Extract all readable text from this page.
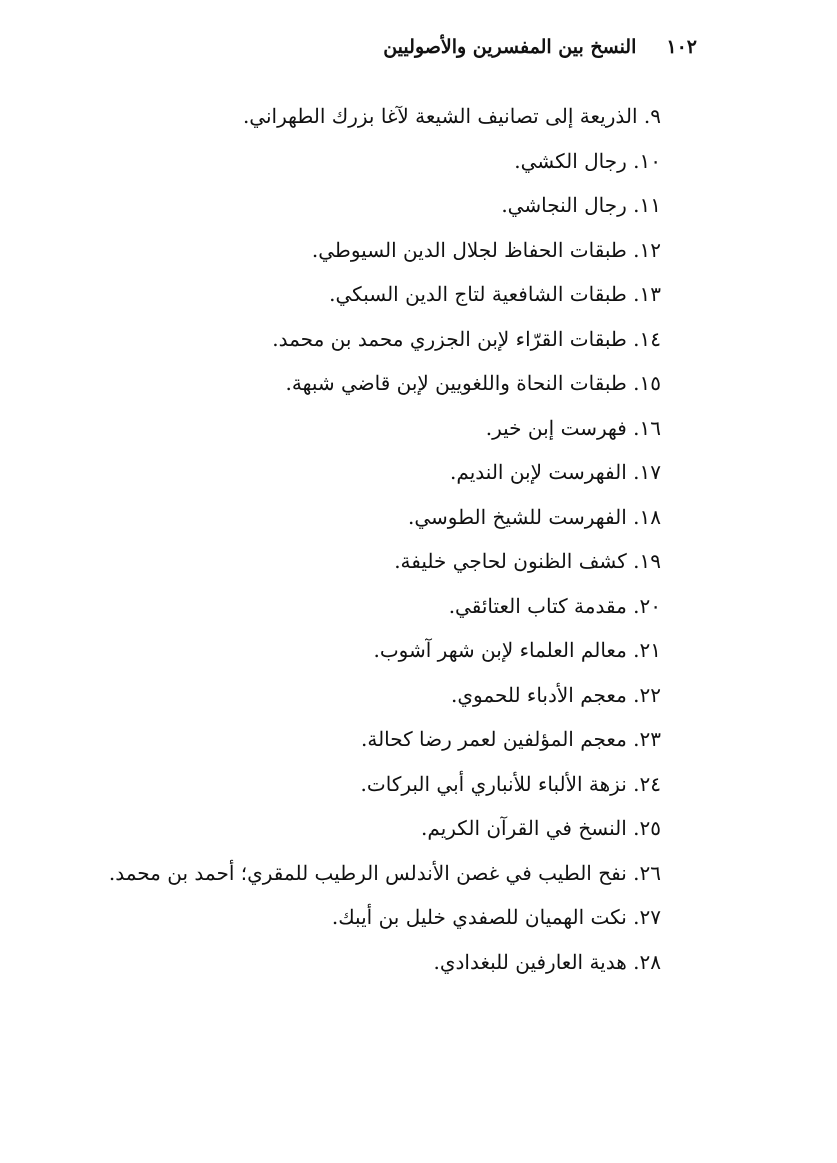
١٠٢
النسخ بين المفسرين والأصوليين
٩. الذريعة إلى تصانيف الشيعة لآغا بزرك الطهراني.
١٠. رجال الكشي.
١١. رجال النجاشي.
١٢. طبقات الحفاظ لجلال الدين السيوطي.
١٣. طبقات الشافعية لتاج الدين السبكي.
١٤. طبقات القرّاء لإبن الجزري محمد بن محمد.
١٥. طبقات النحاة واللغويين لإبن قاضي شبهة.
١٦. فهرست إبن خير.
١٧. الفهرست لإبن النديم.
١٨. الفهرست للشيخ الطوسي.
١٩. كشف الظنون لحاجي خليفة.
٢٠. مقدمة كتاب العتائقي.
٢١. معالم العلماء لإبن شهر آشوب.
٢٢. معجم الأدباء للحموي.
٢٣. معجم المؤلفين لعمر رضا كحالة.
٢٤. نزهة الألباء للأنباري أبي البركات.
٢٥. النسخ في القرآن الكريم.
٢٦. نفح الطيب في غصن الأندلس الرطيب للمقري؛ أحمد بن محمد.
٢٧. نكت الهميان للصفدي خليل بن أيبك.
٢٨. هدية العارفين للبغدادي.
